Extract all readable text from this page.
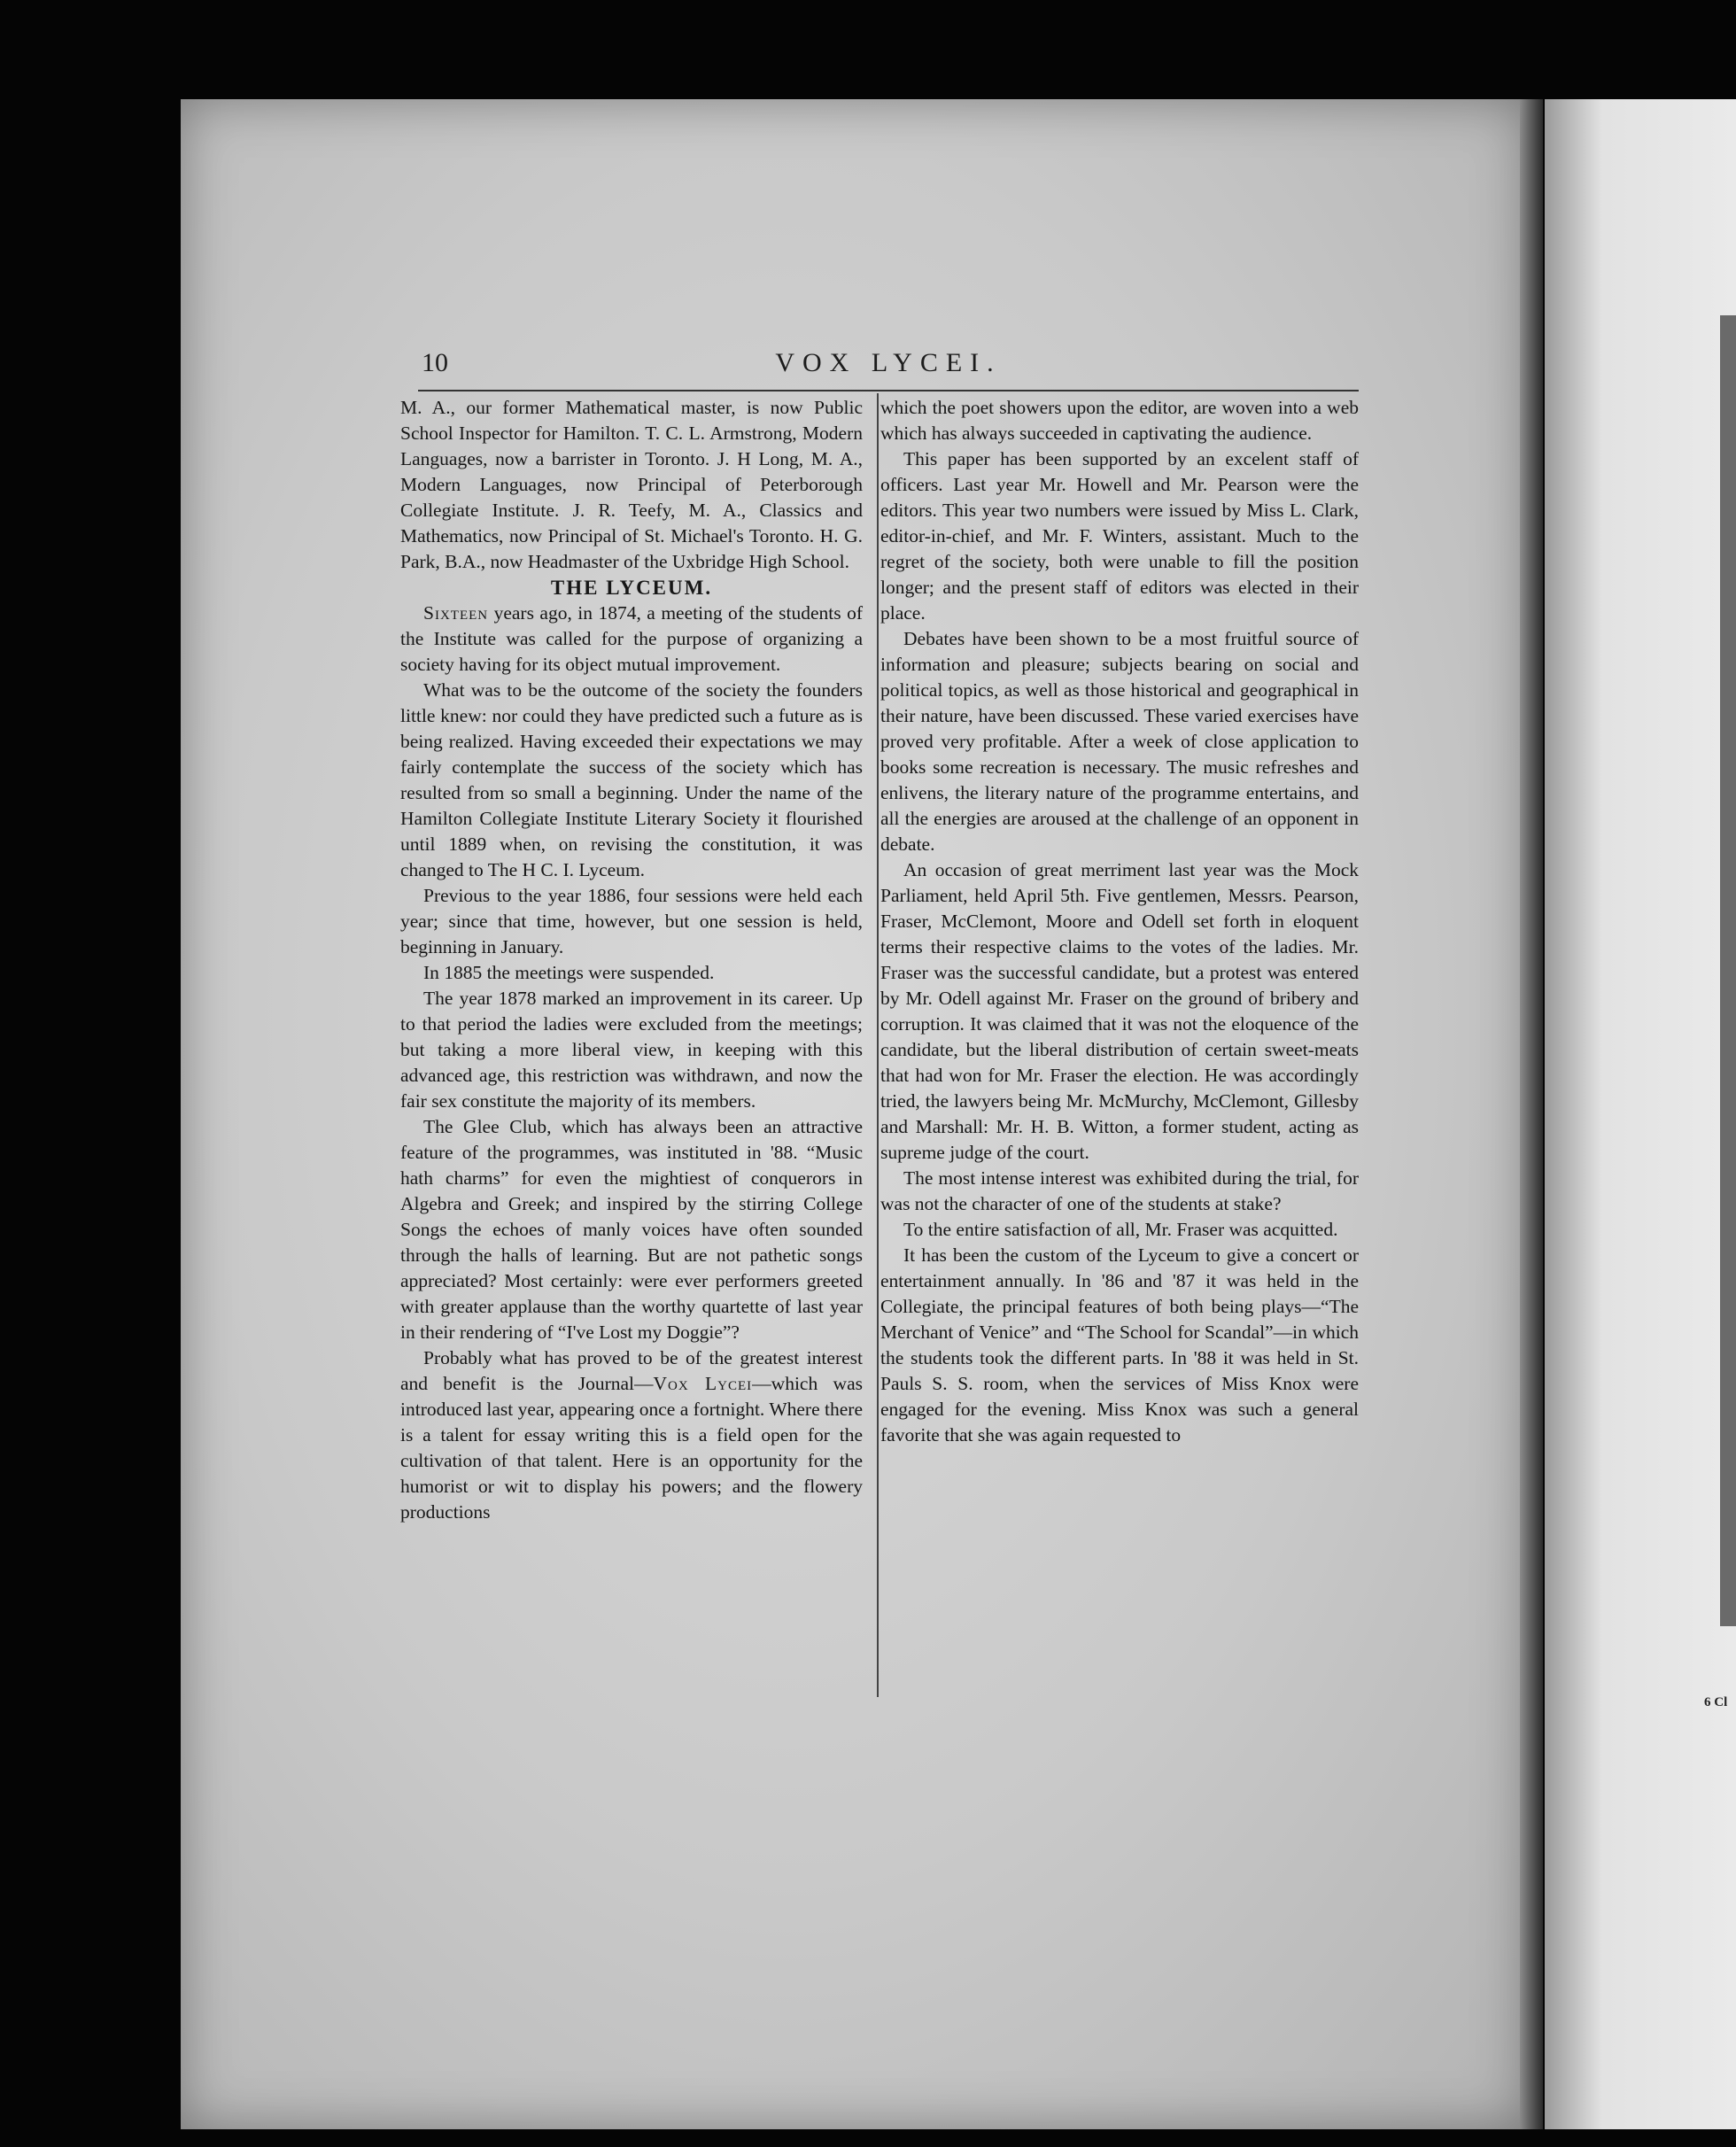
6 Cl
10	VOX LYCEI.

M. A., our former Mathematical master, is now Public School Inspector for Hamilton. T. C. L. Armstrong, Modern Languages, now a barrister in Toronto. J. H Long, M. A., Modern Languages, now Principal of Peterborough Collegiate Institute. J. R. Teefy, M. A., Classics and Mathematics, now Principal of St. Michael's Toronto. H. G. Park, B.A., now Headmaster of the Uxbridge High School.

THE LYCEUM.

Sixteen years ago, in 1874, a meeting of the students of the Institute was called for the purpose of organizing a society having for its object mutual improvement.

What was to be the outcome of the society the founders little knew: nor could they have predicted such a future as is being realized. Having exceeded their expectations we may fairly contemplate the success of the society which has resulted from so small a beginning. Under the name of the Hamilton Collegiate Institute Literary Society it flourished until 1889 when, on revising the constitution, it was changed to The H C. I. Lyceum.

Previous to the year 1886, four sessions were held each year; since that time, however, but one session is held, beginning in January.

In 1885 the meetings were suspended.

The year 1878 marked an improvement in its career. Up to that period the ladies were excluded from the meetings; but taking a more liberal view, in keeping with this advanced age, this restriction was withdrawn, and now the fair sex constitute the majority of its members.

The Glee Club, which has always been an attractive feature of the programmes, was instituted in '88. “Music hath charms” for even the mightiest of conquerors in Algebra and Greek; and inspired by the stirring College Songs the echoes of manly voices have often sounded through the halls of learning. But are not pathetic songs appreciated? Most certainly: were ever performers greeted with greater applause than the worthy quartette of last year in their rendering of “I've Lost my Doggie”?

Probably what has proved to be of the greatest interest and benefit is the Journal—Vox Lycei—which was introduced last year, appearing once a fortnight. Where there is a talent for essay writing this is a field open for the cultivation of that talent. Here is an opportunity for the humorist or wit to display his powers; and the flowery productions

which the poet showers upon the editor, are woven into a web which has always succeeded in captivating the audience.

This paper has been supported by an excelent staff of officers. Last year Mr. Howell and Mr. Pearson were the editors. This year two numbers were issued by Miss L. Clark, editor-in-chief, and Mr. F. Winters, assistant. Much to the regret of the society, both were unable to fill the position longer; and the present staff of editors was elected in their place.

Debates have been shown to be a most fruitful source of information and pleasure; subjects bearing on social and political topics, as well as those historical and geographical in their nature, have been discussed. These varied exercises have proved very profitable. After a week of close application to books some recreation is necessary. The music refreshes and enlivens, the literary nature of the programme entertains, and all the energies are aroused at the challenge of an opponent in debate.

An occasion of great merriment last year was the Mock Parliament, held April 5th. Five gentlemen, Messrs. Pearson, Fraser, McClemont, Moore and Odell set forth in eloquent terms their respective claims to the votes of the ladies. Mr. Fraser was the successful candidate, but a protest was entered by Mr. Odell against Mr. Fraser on the ground of bribery and corruption. It was claimed that it was not the eloquence of the candidate, but the liberal distribution of certain sweet-meats that had won for Mr. Fraser the election. He was accordingly tried, the lawyers being Mr. McMurchy, McClemont, Gillesby and Marshall: Mr. H. B. Witton, a former student, acting as supreme judge of the court.

The most intense interest was exhibited during the trial, for was not the character of one of the students at stake?

To the entire satisfaction of all, Mr. Fraser was acquitted.

It has been the custom of the Lyceum to give a concert or entertainment annually. In '86 and '87 it was held in the Collegiate, the principal features of both being plays—“The Merchant of Venice” and “The School for Scandal”—in which the students took the different parts. In '88 it was held in St. Pauls S. S. room, when the services of Miss Knox were engaged for the evening. Miss Knox was such a general favorite that she was again requested to
